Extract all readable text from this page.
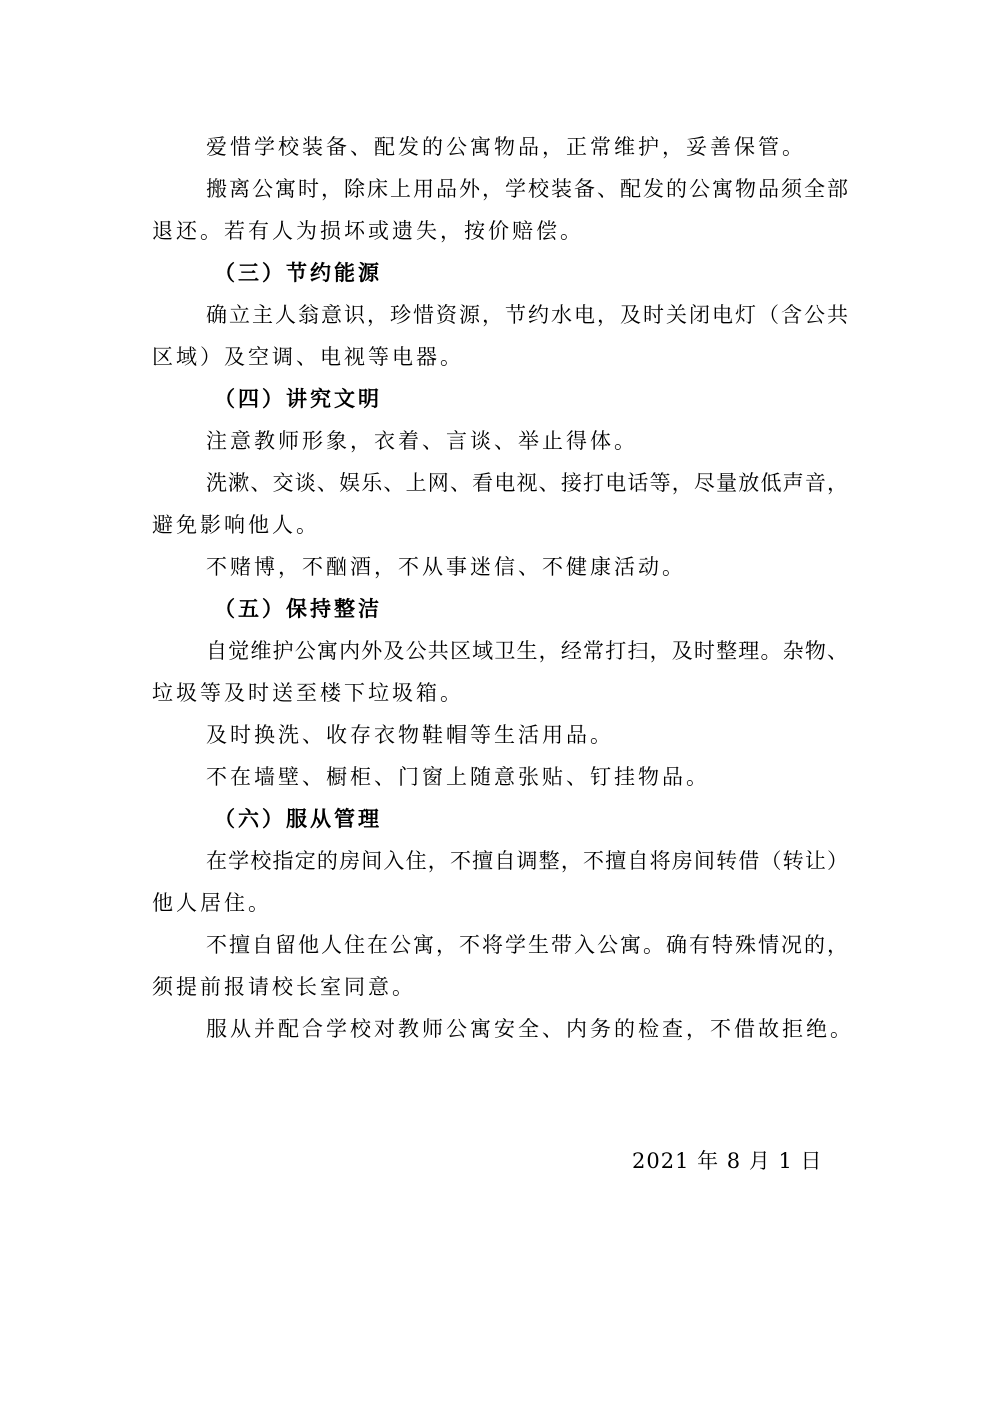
爱惜学校装备、配发的公寓物品，正常维护，妥善保管。

搬离公寓时，除床上用品外，学校装备、配发的公寓物品须全部

退还。若有人为损坏或遗失，按价赔偿。

（三）节约能源

确立主人翁意识，珍惜资源，节约水电，及时关闭电灯（含公共

区域）及空调、电视等电器。

（四）讲究文明

注意教师形象，衣着、言谈、举止得体。

洗漱、交谈、娱乐、上网、看电视、接打电话等，尽量放低声音，

避免影响他人。

不赌博，不酗酒，不从事迷信、不健康活动。

（五）保持整洁

自觉维护公寓内外及公共区域卫生，经常打扫，及时整理。杂物、

垃圾等及时送至楼下垃圾箱。

及时换洗、收存衣物鞋帽等生活用品。

不在墙壁、橱柜、门窗上随意张贴、钉挂物品。

（六）服从管理

在学校指定的房间入住，不擅自调整，不擅自将房间转借（转让）

他人居住。

不擅自留他人住在公寓，不将学生带入公寓。确有特殊情况的，

须提前报请校长室同意。

服从并配合学校对教师公寓安全、内务的检查，不借故拒绝。

2021 年 8 月 1 日
